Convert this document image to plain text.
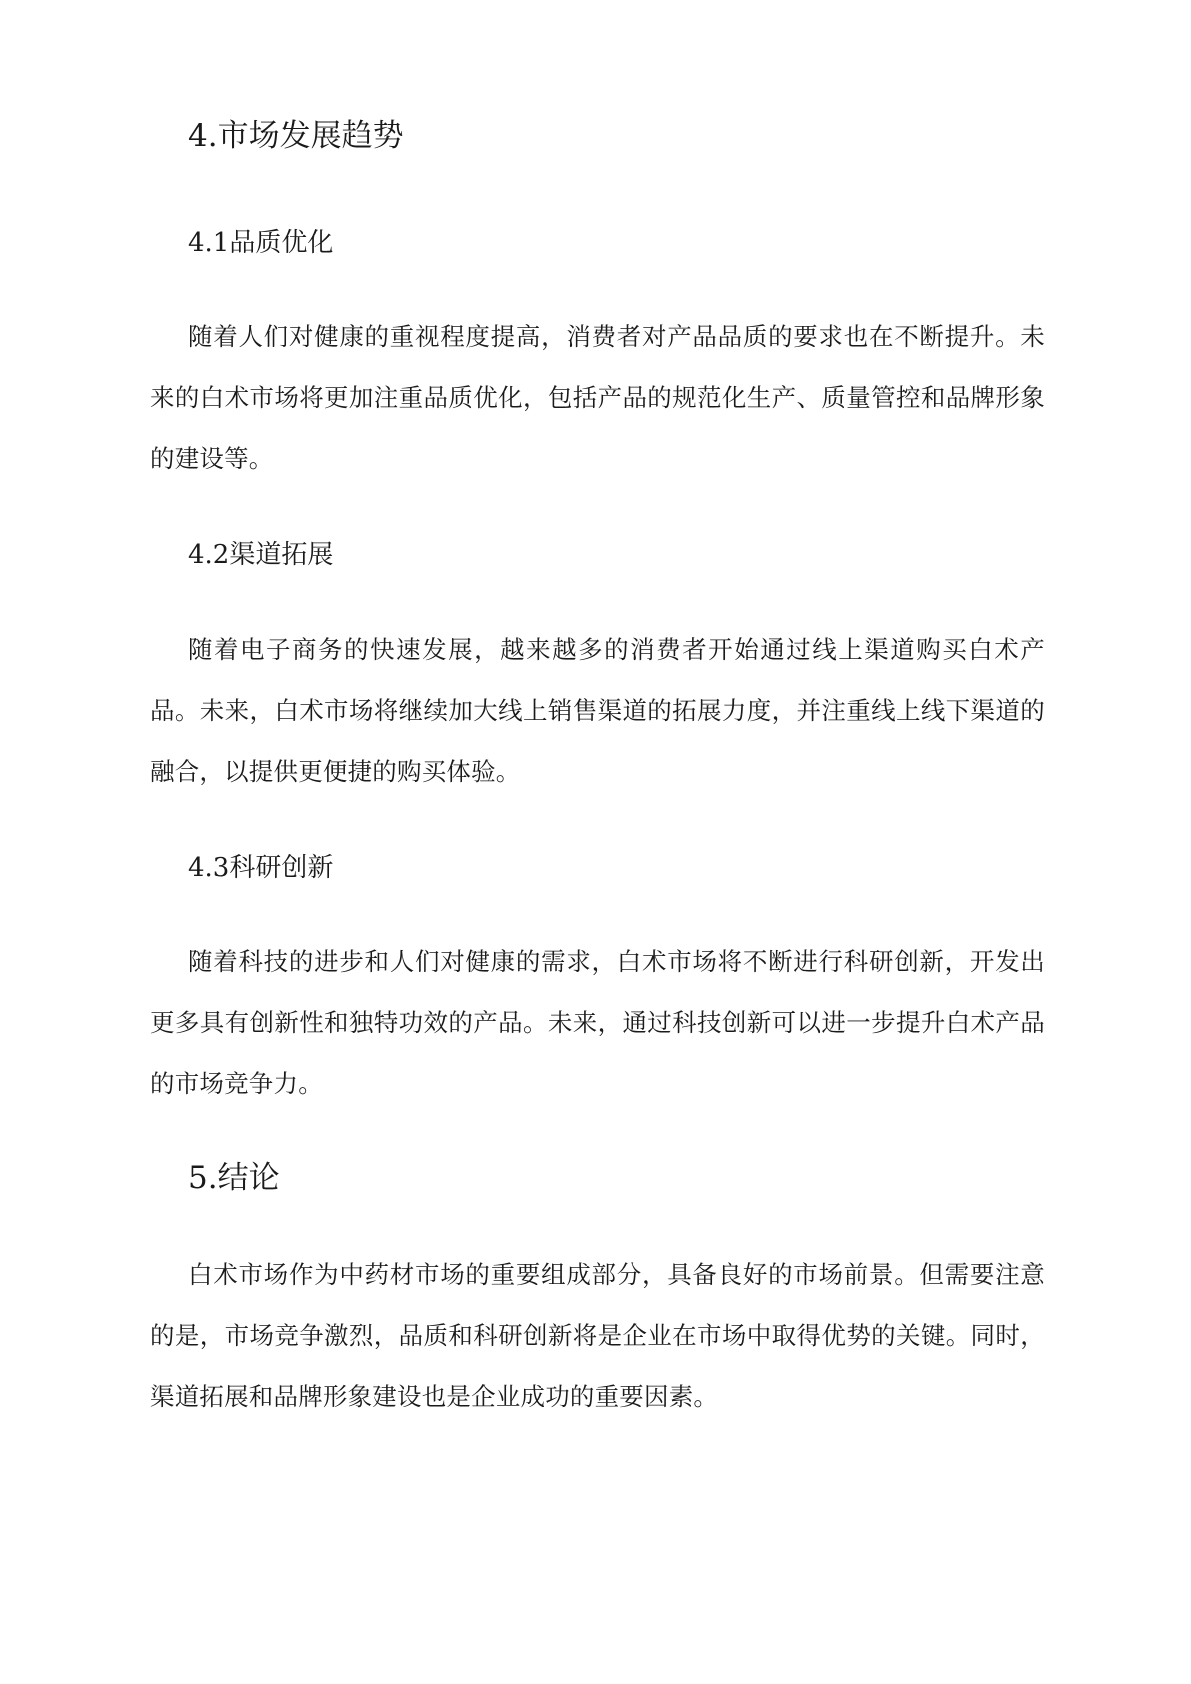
4.市场发展趋势
4.1品质优化

随着人们对健康的重视程度提高，消费者对产品品质的要求也在不断提升。未来的白术市场将更加注重品质优化，包括产品的规范化生产、质量管控和品牌形象的建设等。

4.2渠道拓展

随着电子商务的快速发展，越来越多的消费者开始通过线上渠道购买白术产品。未来，白术市场将继续加大线上销售渠道的拓展力度，并注重线上线下渠道的融合，以提供更便捷的购买体验。

4.3科研创新

随着科技的进步和人们对健康的需求，白术市场将不断进行科研创新，开发出更多具有创新性和独特功效的产品。未来，通过科技创新可以进一步提升白术产品的市场竞争力。

5.结论

白术市场作为中药材市场的重要组成部分，具备良好的市场前景。但需要注意的是，市场竞争激烈，品质和科研创新将是企业在市场中取得优势的关键。同时，渠道拓展和品牌形象建设也是企业成功的重要因素。
